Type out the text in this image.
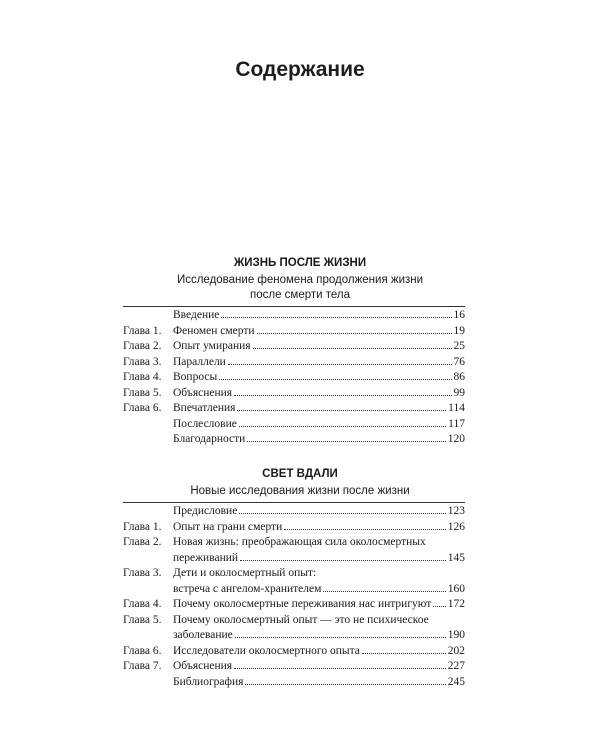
Содержание
ЖИЗНЬ ПОСЛЕ ЖИЗНИ
Исследование феномена продолжения жизни
после смерти тела
Введение	16
Глава 1. Феномен смерти	19
Глава 2. Опыт умирания	25
Глава 3. Параллели	76
Глава 4. Вопросы	86
Глава 5. Объяснения	99
Глава 6. Впечатления	114
Послесловие	117
Благодарности	120
СВЕТ ВДАЛИ
Новые исследования жизни после жизни
Предисловие	123
Глава 1. Опыт на грани смерти	126
Глава 2. Новая жизнь: преображающая сила околосмертных
переживаний	145
Глава 3. Дети и околосмертный опыт:
встреча с ангелом-хранителем	160
Глава 4. Почему околосмертные переживания нас интригуют 172
Глава 5. Почему околосмертный опыт — это не психическое
заболевание	190
Глава 6. Исследователи околосмертного опыта	202
Глава 7. Объяснения	227
Библиография	245
